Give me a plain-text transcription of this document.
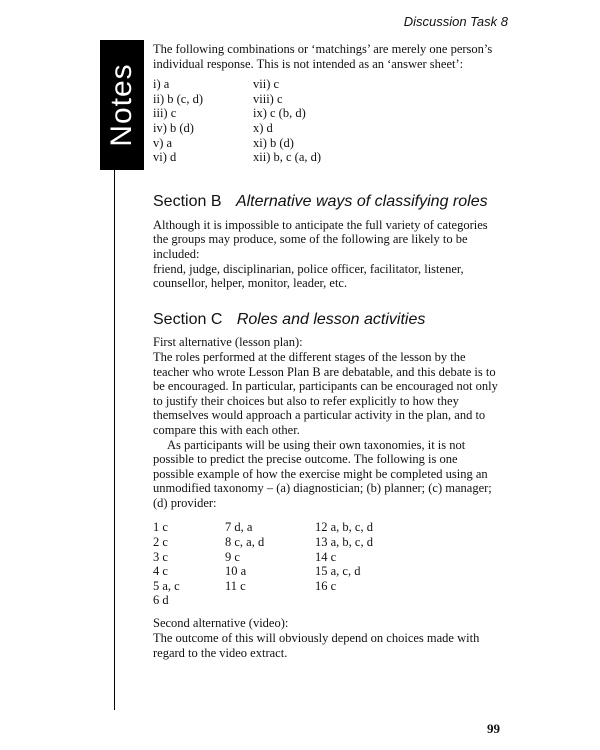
Discussion Task 8
Notes

The following combinations or ‘matchings’ are merely one person’s individual response. This is not intended as an ‘answer sheet’:

i) a
ii) b (c, d)
iii) c
iv) b (d)
v) a
vi) d
vii) c
viii) c
ix) c (b, d)
x) d
xi) b (d)
xii) b, c (a, d)
Section B Alternative ways of classifying roles

Although it is impossible to anticipate the full variety of categories the groups may produce, some of the following are likely to be included:

friend, judge, disciplinarian, police officer, facilitator, listener, counsellor, helper, monitor, leader, etc.

Section C Roles and lesson activities

First alternative (lesson plan):

The roles performed at the different stages of the lesson by the teacher who wrote Lesson Plan B are debatable, and this debate is to be encouraged. In particular, participants can be encouraged not only to justify their choices but also to refer explicitly to how they themselves would approach a particular activity in the plan, and to compare this with each other.

As participants will be using their own taxonomies, it is not possible to predict the precise outcome. The following is one possible example of how the exercise might be completed using an unmodified taxonomy – (a) diagnostician; (b) planner; (c) manager; (d) provider:

1 c
2 c
3 c
4 c
5 a, c
6 d
7 d, a
8 c, a, d
9 c
10 a
11 c
12 a, b, c, d
13 a, b, c, d
14 c
15 a, c, d
16 c

Second alternative (video):

The outcome of this will obviously depend on choices made with regard to the video extract.

99
